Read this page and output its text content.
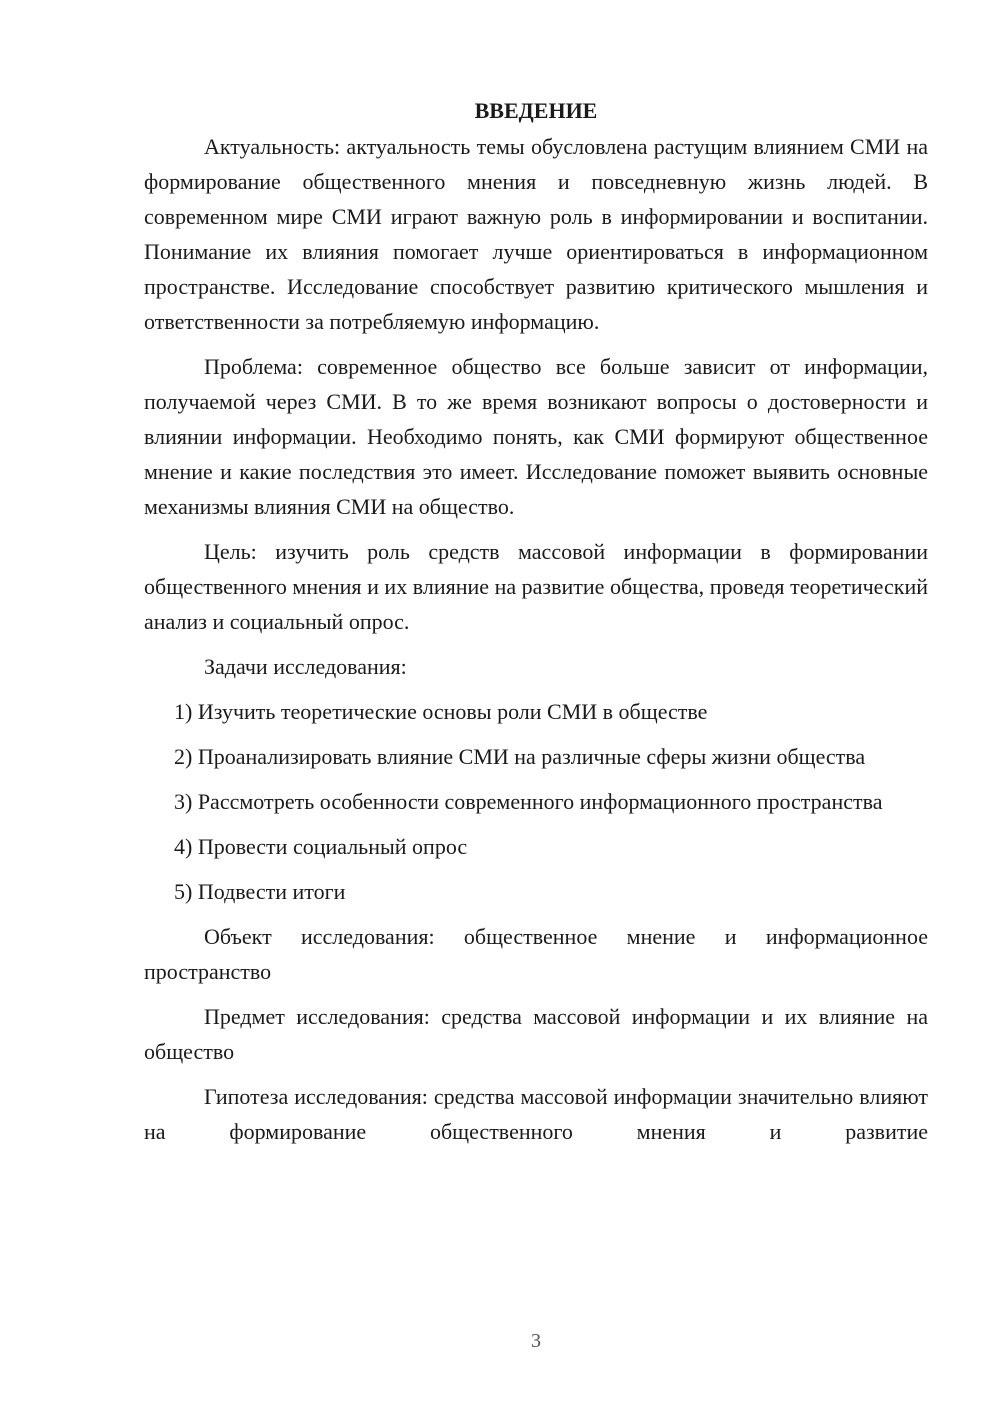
ВВЕДЕНИЕ

Актуальность: актуальность темы обусловлена растущим влиянием СМИ на формирование общественного мнения и повседневную жизнь людей. В современном мире СМИ играют важную роль в информировании и воспитании. Понимание их влияния помогает лучше ориентироваться в информационном пространстве. Исследование способствует развитию критического мышления и ответственности за потребляемую информацию.

Проблема: современное общество все больше зависит от информации, получаемой через СМИ. В то же время возникают вопросы о достоверности и влиянии информации. Необходимо понять, как СМИ формируют общественное мнение и какие последствия это имеет. Исследование поможет выявить основные механизмы влияния СМИ на общество.

Цель: изучить роль средств массовой информации в формировании общественного мнения и их влияние на развитие общества, проведя теоретический анализ и социальный опрос.

Задачи исследования:

1) Изучить теоретические основы роли СМИ в обществе

2) Проанализировать влияние СМИ на различные сферы жизни общества

3) Рассмотреть особенности современного информационного пространства

4) Провести социальный опрос

5) Подвести итоги

Объект исследования: общественное мнение и информационное пространство

Предмет исследования: средства массовой информации и их влияние на общество

Гипотеза исследования: средства массовой информации значительно влияют на формирование общественного мнения и развитие

3
